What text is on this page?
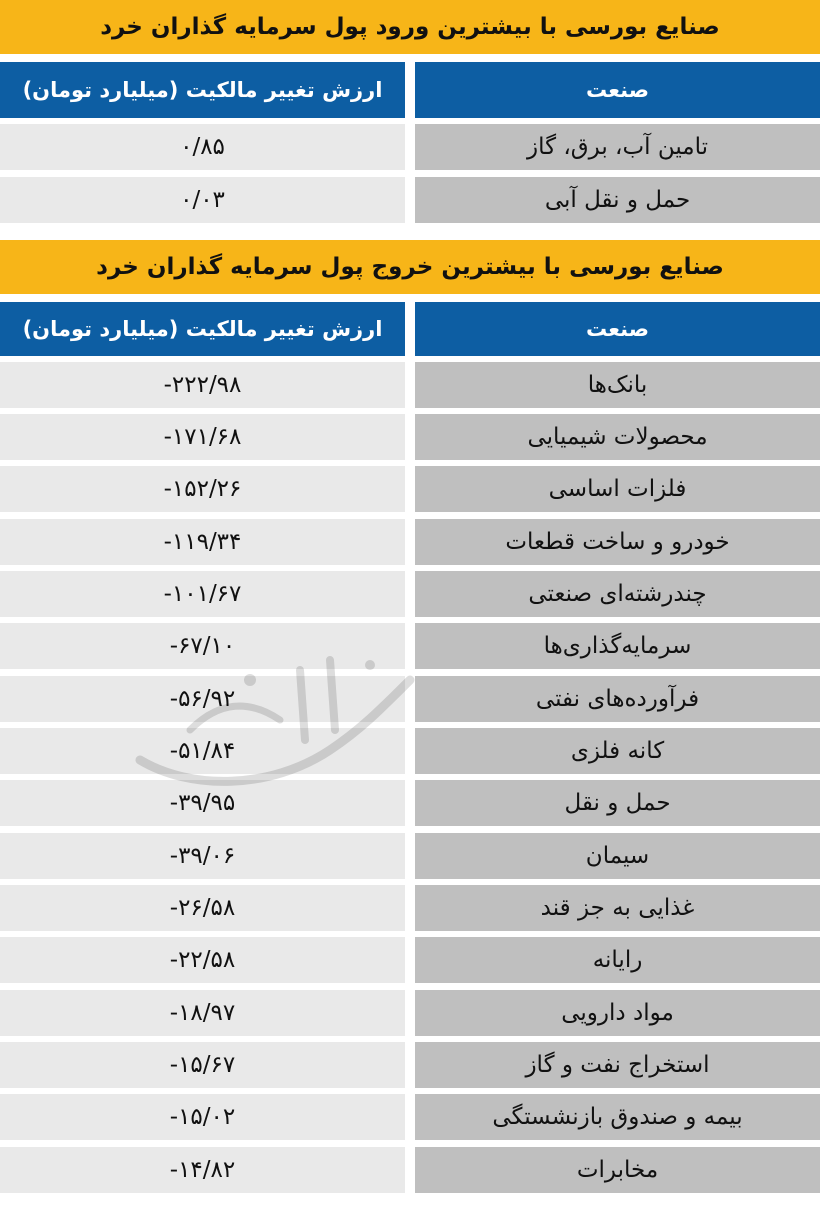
صنایع بورسی با بیشترین ورود پول سرمایه گذاران خرد
صنعت
ارزش تغییر مالکیت (میلیارد تومان)
تامین آب، برق، گاز
۰/۸۵
حمل و نقل آبی
۰/۰۳
صنایع بورسی با بیشترین خروج پول سرمایه گذاران خرد
صنعت
ارزش تغییر مالکیت (میلیارد تومان)
بانک‌ها
-۲۲۲/۹۸
محصولات شیمیایی
-۱۷۱/۶۸
فلزات اساسی
-۱۵۲/۲۶
خودرو و ساخت قطعات
-۱۱۹/۳۴
چندرشته‌ای صنعتی
-۱۰۱/۶۷
سرمایه‌گذاری‌ها
-۶۷/۱۰
فرآورده‌های نفتی
-۵۶/۹۲
کانه فلزی
-۵۱/۸۴
حمل و نقل
-۳۹/۹۵
سیمان
-۳۹/۰۶
غذایی به جز قند
-۲۶/۵۸
رایانه
-۲۲/۵۸
مواد دارویی
-۱۸/۹۷
استخراج نفت و گاز
-۱۵/۶۷
بیمه و صندوق بازنشستگی
-۱۵/۰۲
مخابرات
-۱۴/۸۲
